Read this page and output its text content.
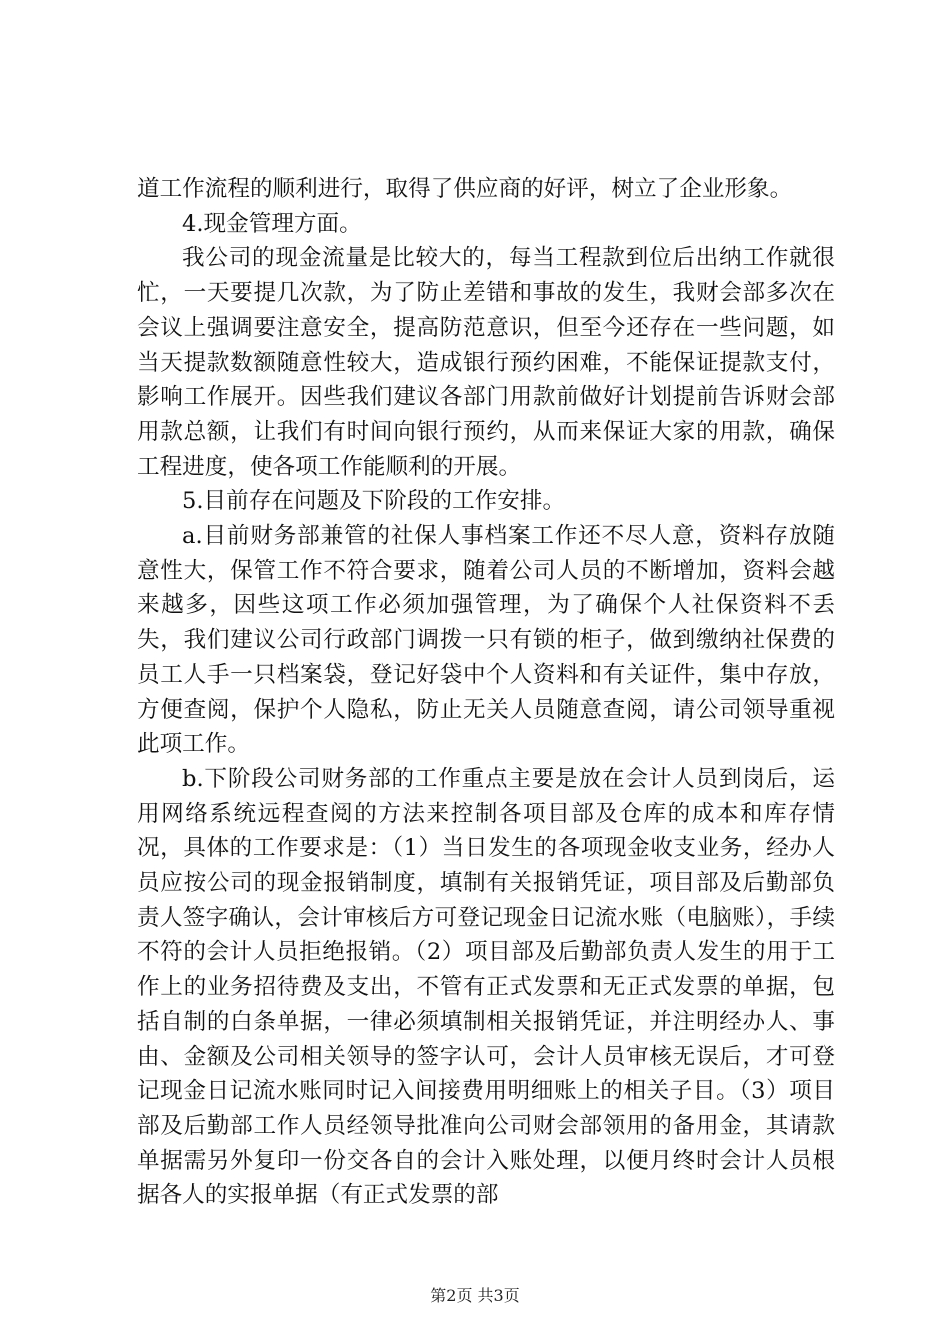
道工作流程的顺利进行，取得了供应商的好评，树立了企业形象。

4.现金管理方面。

我公司的现金流量是比较大的，每当工程款到位后出纳工作就很忙，一天要提几次款，为了防止差错和事故的发生，我财会部多次在会议上强调要注意安全，提高防范意识，但至今还存在一些问题，如当天提款数额随意性较大，造成银行预约困难，不能保证提款支付，影响工作展开。因些我们建议各部门用款前做好计划提前告诉财会部用款总额，让我们有时间向银行预约，从而来保证大家的用款，确保工程进度，使各项工作能顺利的开展。

5.目前存在问题及下阶段的工作安排。

a.目前财务部兼管的社保人事档案工作还不尽人意，资料存放随意性大，保管工作不符合要求，随着公司人员的不断增加，资料会越来越多，因些这项工作必须加强管理，为了确保个人社保资料不丢失，我们建议公司行政部门调拨一只有锁的柜子，做到缴纳社保费的员工人手一只档案袋，登记好袋中个人资料和有关证件，集中存放，方便查阅，保护个人隐私，防止无关人员随意查阅，请公司领导重视此项工作。

b.下阶段公司财务部的工作重点主要是放在会计人员到岗后，运用网络系统远程查阅的方法来控制各项目部及仓库的成本和库存情况，具体的工作要求是：（1）当日发生的各项现金收支业务，经办人员应按公司的现金报销制度，填制有关报销凭证，项目部及后勤部负责人签字确认，会计审核后方可登记现金日记流水账（电脑账），手续不符的会计人员拒绝报销。（2）项目部及后勤部负责人发生的用于工作上的业务招待费及支出，不管有正式发票和无正式发票的单据，包括自制的白条单据，一律必须填制相关报销凭证，并注明经办人、事由、金额及公司相关领导的签字认可，会计人员审核无误后，才可登记现金日记流水账同时记入间接费用明细账上的相关子目。（3）项目部及后勤部工作人员经领导批准向公司财会部领用的备用金，其请款单据需另外复印一份交各自的会计入账处理，以便月终时会计人员根据各人的实报单据（有正式发票的部

第2页 共3页
